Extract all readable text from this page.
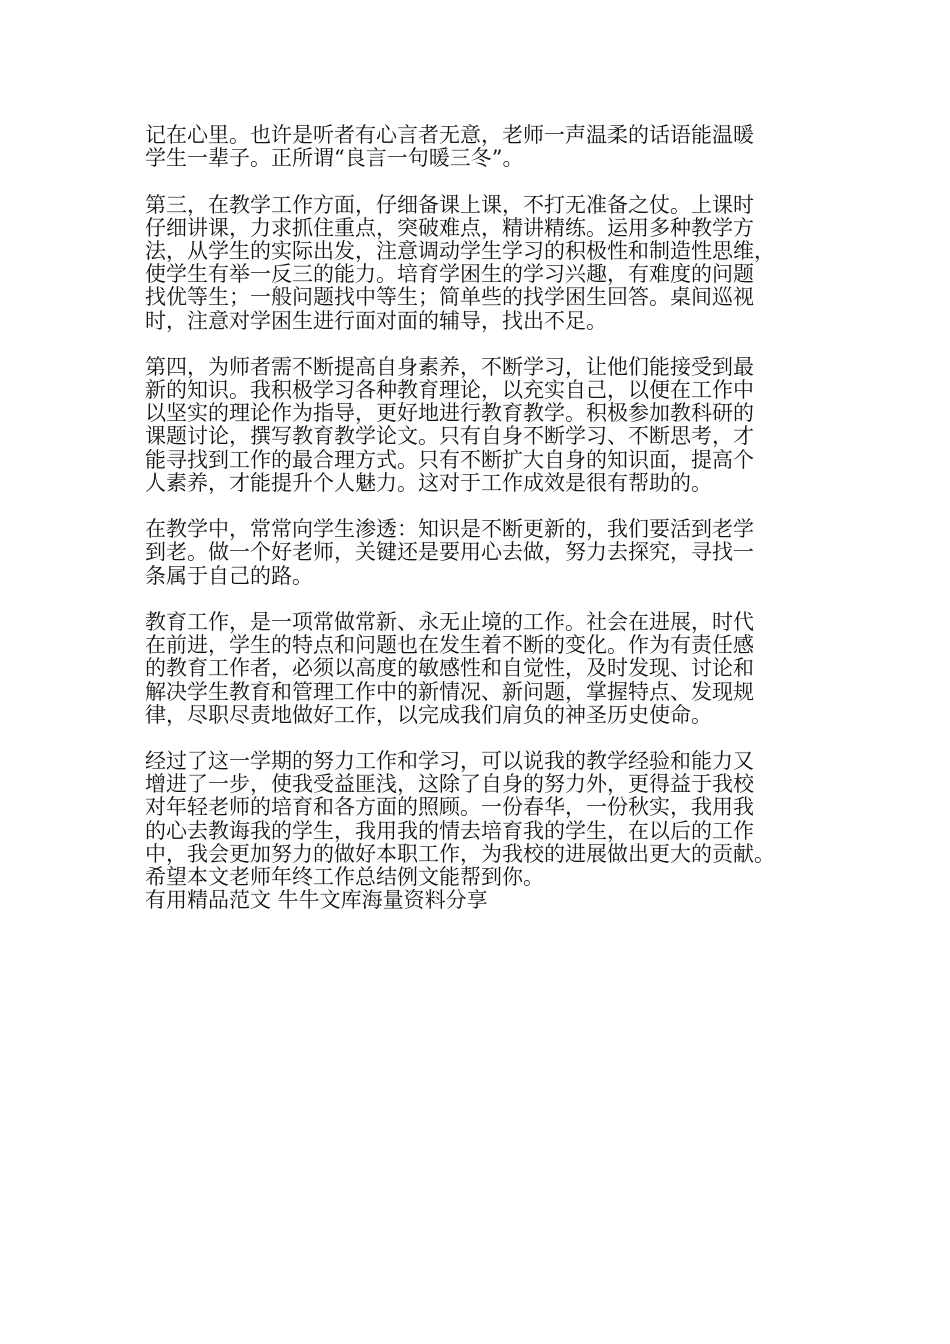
记在心里。也许是听者有心言者无意，老师一声温柔的话语能温暖
学生一辈子。正所谓“良言一句暖三冬”。

第三，在教学工作方面，仔细备课上课，不打无准备之仗。上课时
仔细讲课，力求抓住重点，突破难点，精讲精练。运用多种教学方
法，从学生的实际出发，注意调动学生学习的积极性和制造性思维，
使学生有举一反三的能力。培育学困生的学习兴趣，有难度的问题
找优等生；一般问题找中等生；简单些的找学困生回答。桌间巡视
时，注意对学困生进行面对面的辅导，找出不足。

第四，为师者需不断提高自身素养，不断学习，让他们能接受到最
新的知识。我积极学习各种教育理论，以充实自己，以便在工作中
以坚实的理论作为指导，更好地进行教育教学。积极参加教科研的
课题讨论，撰写教育教学论文。只有自身不断学习、不断思考，才
能寻找到工作的最合理方式。只有不断扩大自身的知识面，提高个
人素养，才能提升个人魅力。这对于工作成效是很有帮助的。

在教学中，常常向学生渗透：知识是不断更新的，我们要活到老学
到老。做一个好老师，关键还是要用心去做，努力去探究，寻找一
条属于自己的路。

教育工作，是一项常做常新、永无止境的工作。社会在进展，时代
在前进，学生的特点和问题也在发生着不断的变化。作为有责任感
的教育工作者，必须以高度的敏感性和自觉性，及时发现、讨论和
解决学生教育和管理工作中的新情况、新问题，掌握特点、发现规
律，尽职尽责地做好工作，以完成我们肩负的神圣历史使命。

经过了这一学期的努力工作和学习，可以说我的教学经验和能力又
增进了一步，使我受益匪浅，这除了自身的努力外，更得益于我校
对年轻老师的培育和各方面的照顾。一份春华，一份秋实，我用我
的心去教诲我的学生，我用我的情去培育我的学生，在以后的工作
中，我会更加努力的做好本职工作，为我校的进展做出更大的贡献。
希望本文老师年终工作总结例文能帮到你。
有用精品范文 牛牛文库海量资料分享
